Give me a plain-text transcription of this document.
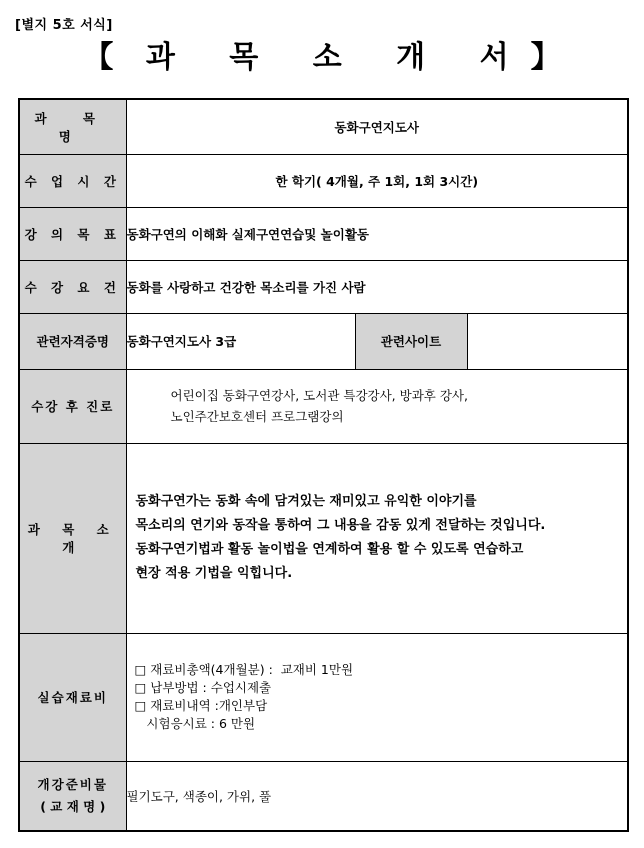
[별지 5호 서식]
【 과 목 소 개 서】
과 목 명	동화구연지도사		
수 업 시 간	한 학기( 4개월, 주 1회, 1회 3시간)		
강 의 목 표	동화구연의 이해화 실제구연연습및 놀이활동		
수 강 요 건	동화를 사랑하고 건강한 목소리를 가진 사람		
관련자격증명	동화구연지도사 3급	관련사이트	
수강 후 진로	어린이집 동화구연강사, 도서관 특강강사, 방과후 강사,
노인주간보호센터 프로그램강의		

과 목 소 개	동화구연가는 동화 속에 담겨있는 재미있고 유익한 이야기를
목소리의 연기와 동작을 통하여 그 내용을 감동 있게 전달하는 것입니다.
동화구연기법과 활동 놀이법을 연계하여 활용 할 수 있도록 연습하고
현장 적용 기법을 익힙니다.		

실습재료비	□ 재료비총액(4개월분) :  교재비 1만원
□ 납부방법 : 수업시제출
□ 재료비내역 :개인부담
시험응시료 : 6 만원		

개강준비물
( 교 재 명 )	필기도구, 색종이, 가위, 풀		
